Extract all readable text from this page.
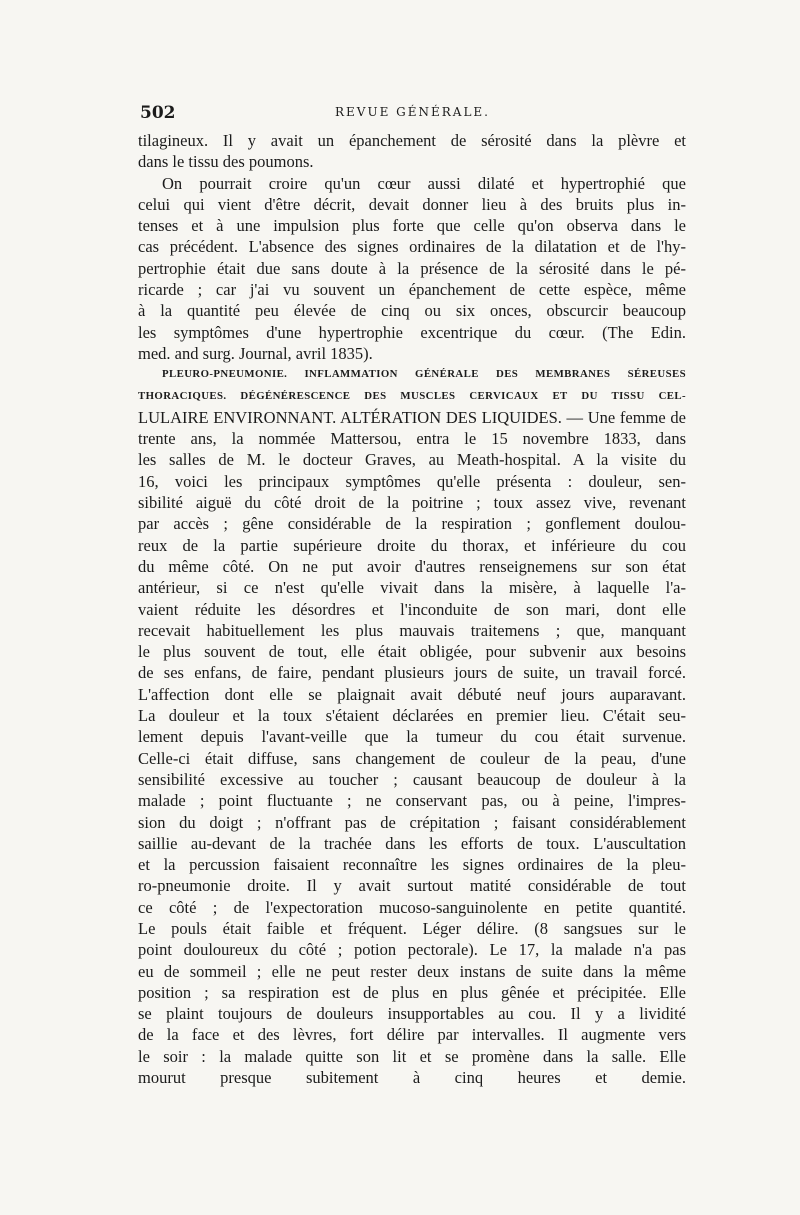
502	REVUE GÉNÉRALE.
tilagineux. Il y avait un épanchement de sérosité dans la plèvre et
dans le tissu des poumons.
On pourrait croire qu'un cœur aussi dilaté et hypertrophié que
celui qui vient d'être décrit, devait donner lieu à des bruits plus in-
tenses et à une impulsion plus forte que celle qu'on observa dans le
cas précédent. L'absence des signes ordinaires de la dilatation et de l'hy-
pertrophie était due sans doute à la présence de la sérosité dans le pé-
ricarde ; car j'ai vu souvent un épanchement de cette espèce, même
à la quantité peu élevée de cinq ou six onces, obscurcir beaucoup
les symptômes d'une hypertrophie excentrique du cœur. (The Edin.
med. and surg. Journal, avril 1835).
PLEURO-PNEUMONIE. INFLAMMATION GÉNÉRALE DES MEMBRANES SÉREUSES
THORACIQUES. DÉGÉNÉRESCENCE DES MUSCLES CERVICAUX ET DU TISSU CEL-
LULAIRE ENVIRONNANT. ALTÉRATION DES LIQUIDES. — Une femme de
trente ans, la nommée Mattersou, entra le 15 novembre 1833, dans
les salles de M. le docteur Graves, au Meath-hospital. A la visite du
16, voici les principaux symptômes qu'elle présenta : douleur, sen-
sibilité aiguë du côté droit de la poitrine ; toux assez vive, revenant
par accès ; gêne considérable de la respiration ; gonflement doulou-
reux de la partie supérieure droite du thorax, et inférieure du cou
du même côté. On ne put avoir d'autres renseignemens sur son état
antérieur, si ce n'est qu'elle vivait dans la misère, à laquelle l'a-
vaient réduite les désordres et l'inconduite de son mari, dont elle
recevait habituellement les plus mauvais traitemens ; que, manquant
le plus souvent de tout, elle était obligée, pour subvenir aux besoins
de ses enfans, de faire, pendant plusieurs jours de suite, un travail forcé.
L'affection dont elle se plaignait avait débuté neuf jours auparavant.
La douleur et la toux s'étaient déclarées en premier lieu. C'était seu-
lement depuis l'avant-veille que la tumeur du cou était survenue.
Celle-ci était diffuse, sans changement de couleur de la peau, d'une
sensibilité excessive au toucher ; causant beaucoup de douleur à la
malade ; point fluctuante ; ne conservant pas, ou à peine, l'impres-
sion du doigt ; n'offrant pas de crépitation ; faisant considérablement
saillie au-devant de la trachée dans les efforts de toux. L'auscultation
et la percussion faisaient reconnaître les signes ordinaires de la pleu-
ro-pneumonie droite. Il y avait surtout matité considérable de tout
ce côté ; de l'expectoration mucoso-sanguinolente en petite quantité.
Le pouls était faible et fréquent. Léger délire. (8 sangsues sur le
point douloureux du côté ; potion pectorale). Le 17, la malade n'a pas
eu de sommeil ; elle ne peut rester deux instans de suite dans la même
position ; sa respiration est de plus en plus gênée et précipitée. Elle
se plaint toujours de douleurs insupportables au cou. Il y a lividité
de la face et des lèvres, fort délire par intervalles. Il augmente vers
le soir : la malade quitte son lit et se promène dans la salle. Elle
mourut presque subitement à cinq heures et demie.
